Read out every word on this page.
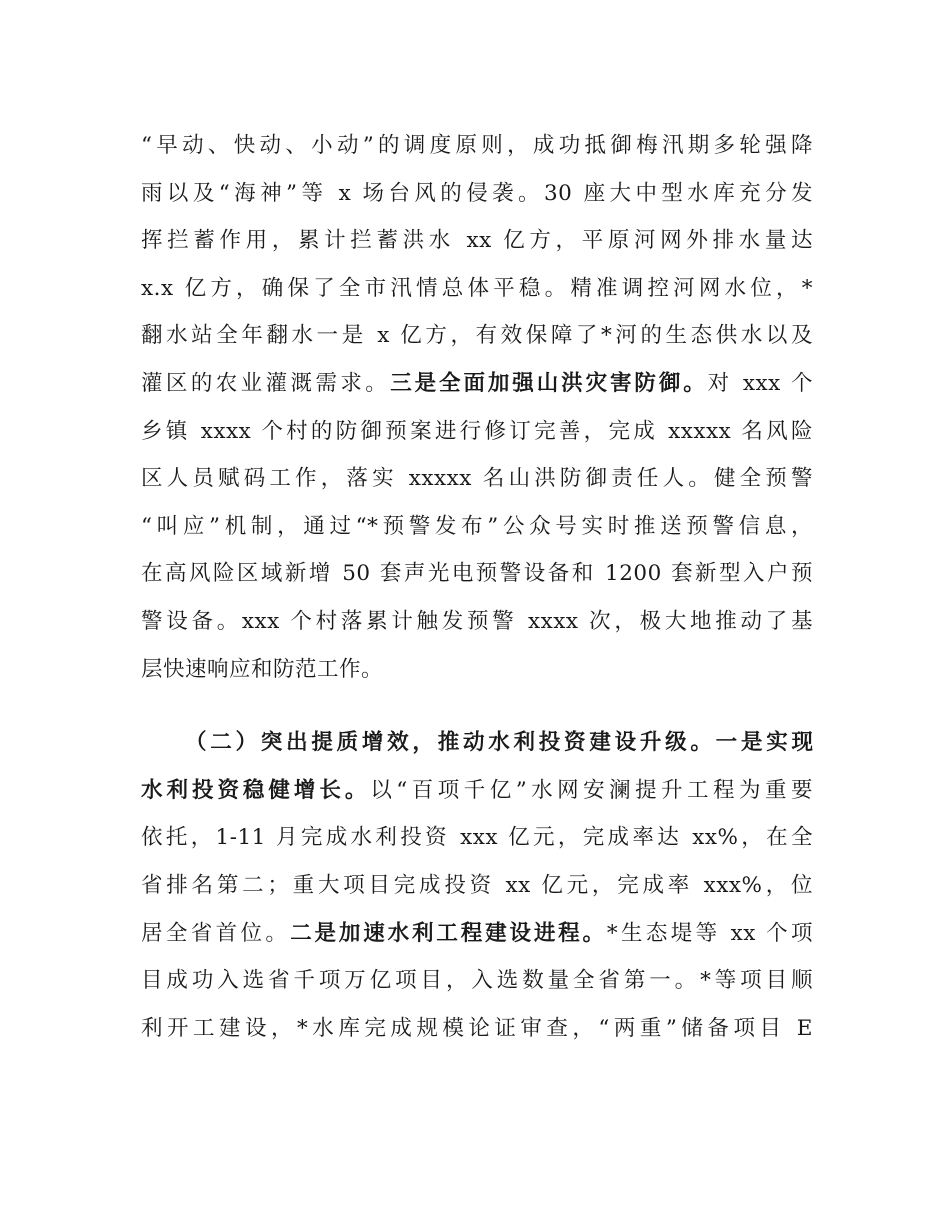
“早动、快动、小动”的调度原则，成功抵御梅汛期多轮强降
雨以及“海神”等 x 场台风的侵袭。30 座大中型水库充分发
挥拦蓄作用，累计拦蓄洪水 xx 亿方，平原河网外排水量达
x.x 亿方，确保了全市汛情总体平稳。精准调控河网水位，*
翻水站全年翻水一是 x 亿方，有效保障了*河的生态供水以及
灌区的农业灌溉需求。三是全面加强山洪灾害防御。对 xxx 个
乡镇 xxxx 个村的防御预案进行修订完善，完成 xxxxx 名风险
区人员赋码工作，落实 xxxxx 名山洪防御责任人。健全预警
“叫应”机制，通过“*预警发布”公众号实时推送预警信息，
在高风险区域新增 50 套声光电预警设备和 1200 套新型入户预
警设备。xxx 个村落累计触发预警 xxxx 次，极大地推动了基
层快速响应和防范工作。
（二）突出提质增效，推动水利投资建设升级。一是实现
水利投资稳健增长。以“百项千亿”水网安澜提升工程为重要
依托，1-11 月完成水利投资 xxx 亿元，完成率达 xx%，在全
省排名第二；重大项目完成投资 xx 亿元，完成率 xxx%，位
居全省首位。二是加速水利工程建设进程。*生态堤等 xx 个项
目成功入选省千项万亿项目，入选数量全省第一。*等项目顺
利开工建设，*水库完成规模论证审查，“两重”储备项目 E
